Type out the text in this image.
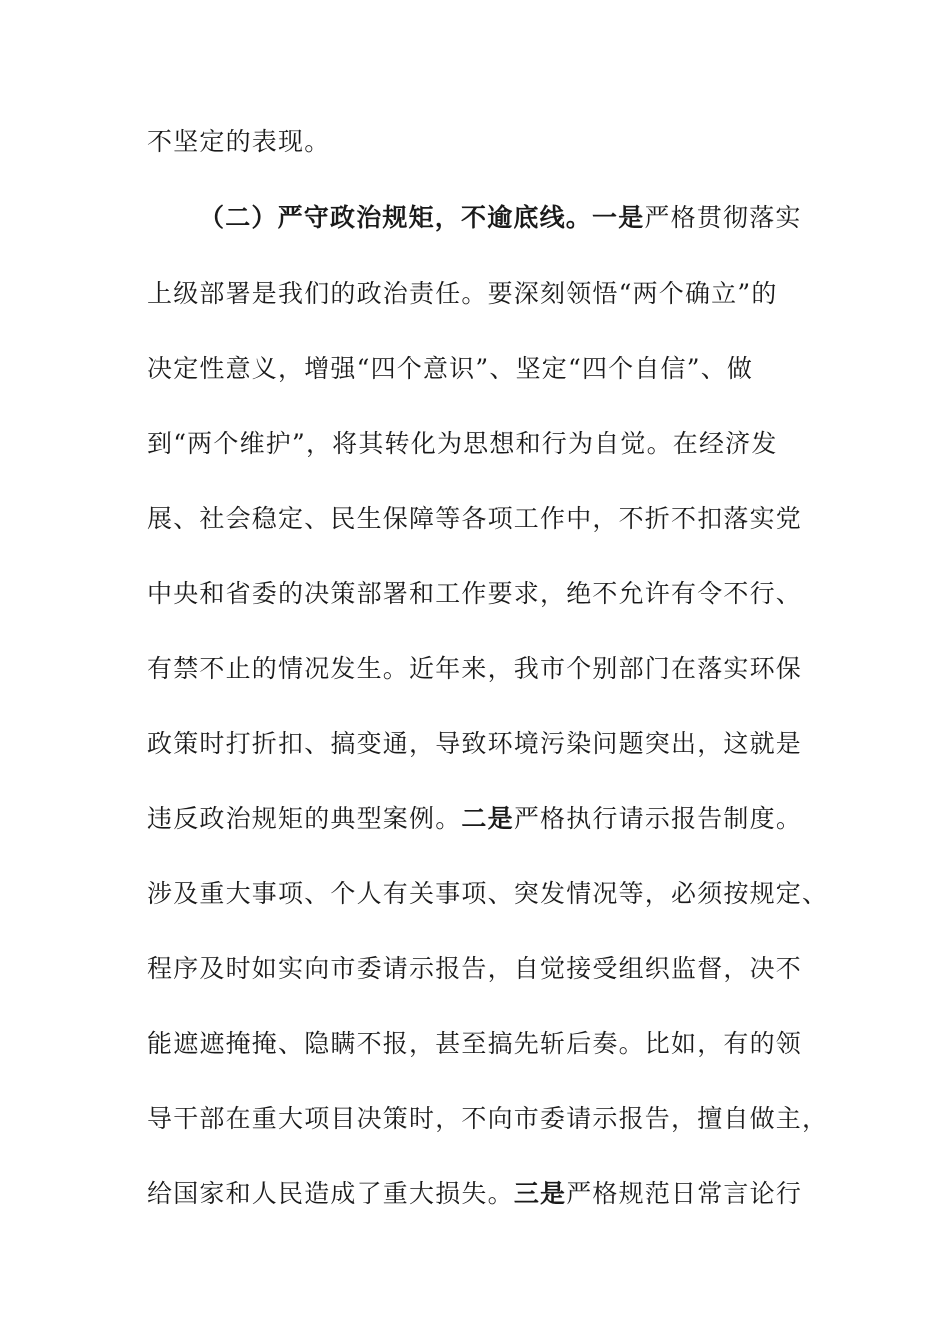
不坚定的表现。
（二）严守政治规矩，不逾底线。一是严格贯彻落实
上级部署是我们的政治责任。要深刻领悟“两个确立”的
决定性意义，增强“四个意识”、坚定“四个自信”、做
到“两个维护”，将其转化为思想和行为自觉。在经济发
展、社会稳定、民生保障等各项工作中，不折不扣落实党
中央和省委的决策部署和工作要求，绝不允许有令不行、
有禁不止的情况发生。近年来，我市个别部门在落实环保
政策时打折扣、搞变通，导致环境污染问题突出，这就是
违反政治规矩的典型案例。二是严格执行请示报告制度。
涉及重大事项、个人有关事项、突发情况等，必须按规定、
程序及时如实向市委请示报告，自觉接受组织监督，决不
能遮遮掩掩、隐瞒不报，甚至搞先斩后奏。比如，有的领
导干部在重大项目决策时，不向市委请示报告，擅自做主，
给国家和人民造成了重大损失。三是严格规范日常言论行
